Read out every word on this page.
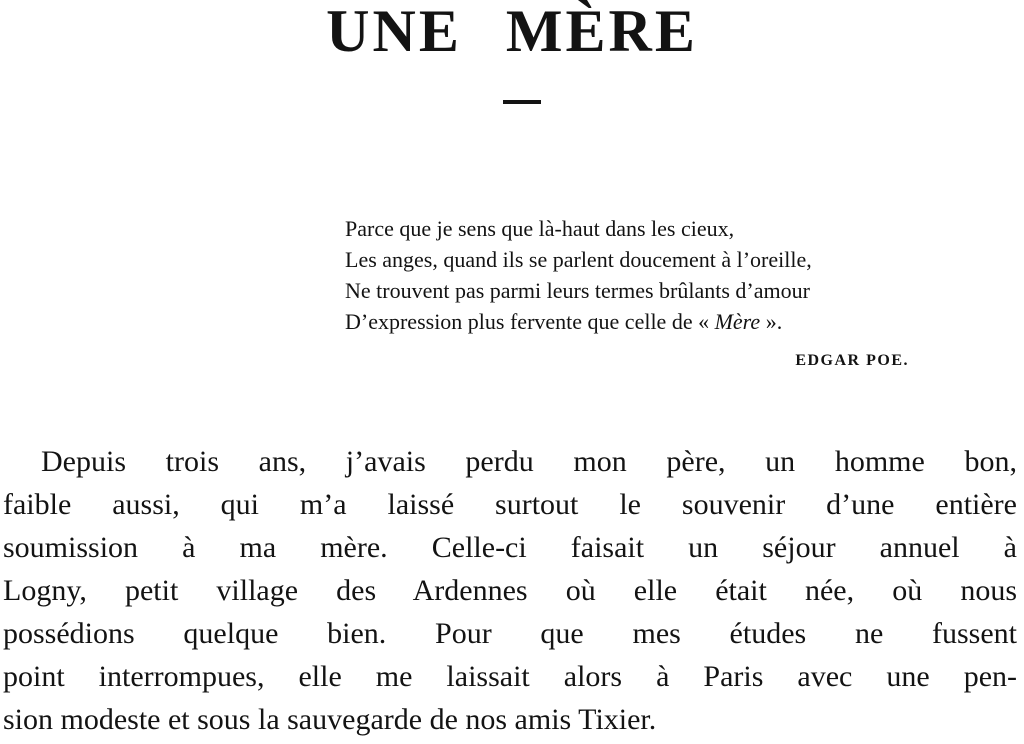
UNE MÈRE
Parce que je sens que là-haut dans les cieux,
Les anges, quand ils se parlent doucement à l’oreille,
Ne trouvent pas parmi leurs termes brûlants d’amour
D’expression plus fervente que celle de « Mère ».
EDGAR POE.
Depuis trois ans, j’avais perdu mon père, un homme bon,
faible aussi, qui m’a laissé surtout le souvenir d’une entière
soumission à ma mère. Celle-ci faisait un séjour annuel à
Logny, petit village des Ardennes où elle était née, où nous
possédions quelque bien. Pour que mes études ne fussent
point interrompues, elle me laissait alors à Paris avec une pen-
sion modeste et sous la sauvegarde de nos amis Tixier.
